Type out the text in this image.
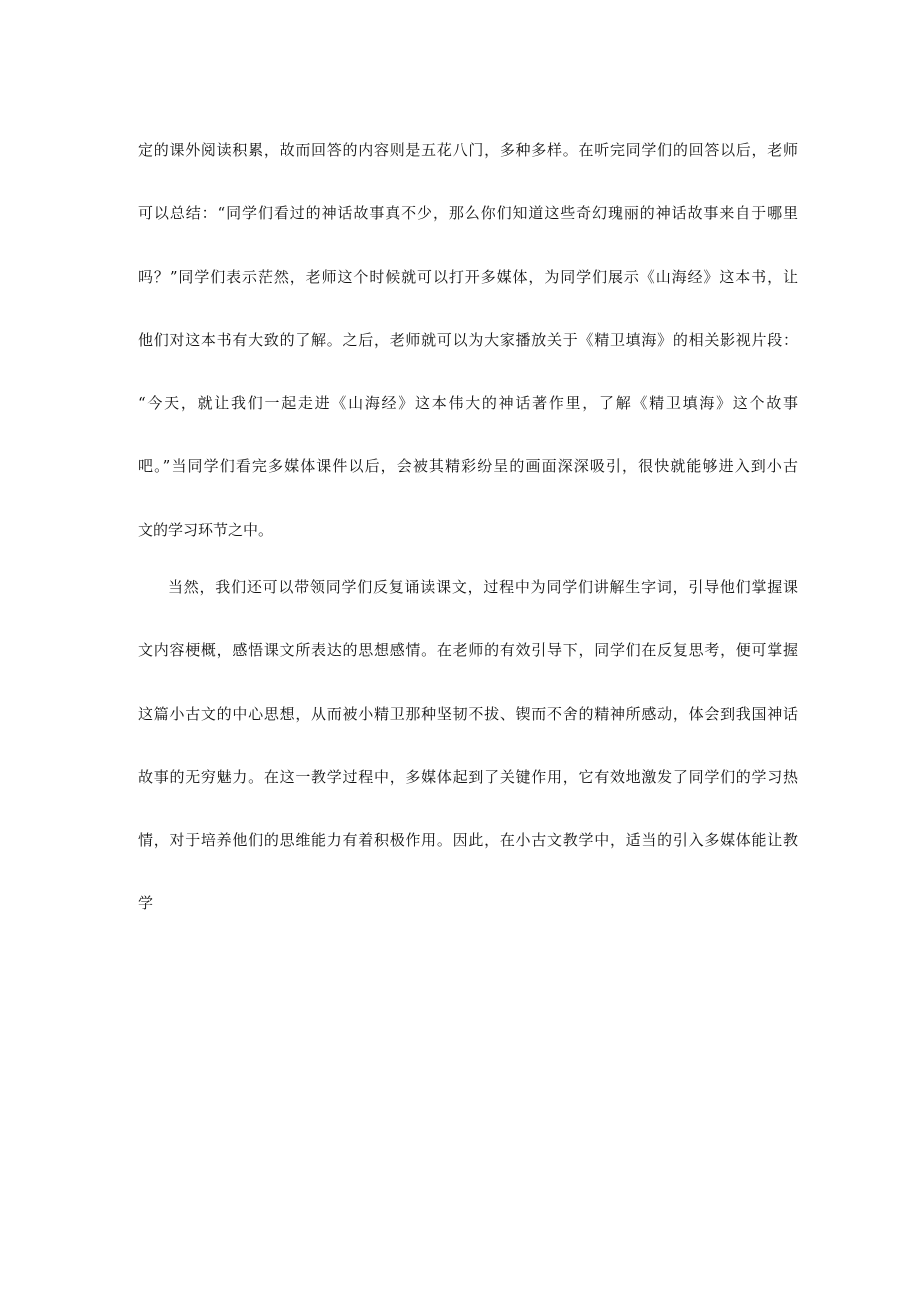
定的课外阅读积累，故而回答的内容则是五花八门，多种多样。在听完同学们的回答以后，老师
可以总结：“同学们看过的神话故事真不少，那么你们知道这些奇幻瑰丽的神话故事来自于哪里
吗？”同学们表示茫然，老师这个时候就可以打开多媒体，为同学们展示《山海经》这本书，让
他们对这本书有大致的了解。之后，老师就可以为大家播放关于《精卫填海》的相关影视片段：
“今天，就让我们一起走进《山海经》这本伟大的神话著作里，了解《精卫填海》这个故事
吧。”当同学们看完多媒体课件以后，会被其精彩纷呈的画面深深吸引，很快就能够进入到小古
文的学习环节之中。
当然，我们还可以带领同学们反复诵读课文，过程中为同学们讲解生字词，引导他们掌握课
文内容梗概，感悟课文所表达的思想感情。在老师的有效引导下，同学们在反复思考，便可掌握
这篇小古文的中心思想，从而被小精卫那种坚韧不拔、锲而不舍的精神所感动，体会到我国神话
故事的无穷魅力。在这一教学过程中，多媒体起到了关键作用，它有效地激发了同学们的学习热
情，对于培养他们的思维能力有着积极作用。因此，在小古文教学中，适当的引入多媒体能让教
学
